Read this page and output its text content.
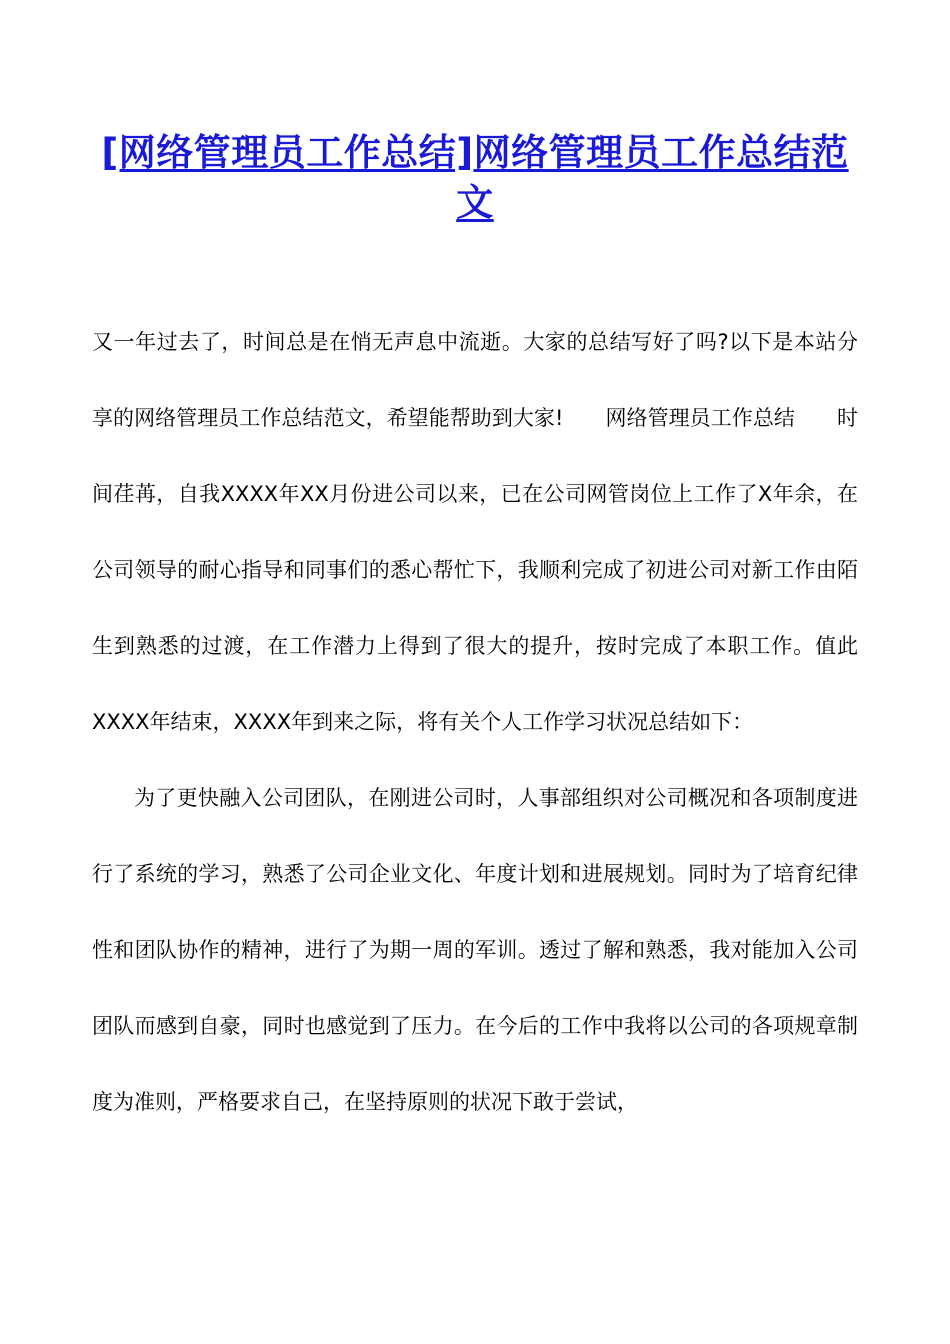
[网络管理员工作总结]网络管理员工作总结范文

又一年过去了，时间总是在悄无声息中流逝。大家的总结写好了吗?以下是本站分享的网络管理员工作总结范文，希望能帮助到大家!　　网络管理员工作总结　　时间荏苒，自我XXXX年XX月份进公司以来，已在公司网管岗位上工作了X年余，在公司领导的耐心指导和同事们的悉心帮忙下，我顺利完成了初进公司对新工作由陌生到熟悉的过渡，在工作潜力上得到了很大的提升，按时完成了本职工作。值此XXXX年结束，XXXX年到来之际，将有关个人工作学习状况总结如下：

为了更快融入公司团队，在刚进公司时，人事部组织对公司概况和各项制度进行了系统的学习，熟悉了公司企业文化、年度计划和进展规划。同时为了培育纪律性和团队协作的精神，进行了为期一周的军训。透过了解和熟悉，我对能加入公司团队而感到自豪，同时也感觉到了压力。在今后的工作中我将以公司的各项规章制度为准则，严格要求自己，在坚持原则的状况下敢于尝试，
